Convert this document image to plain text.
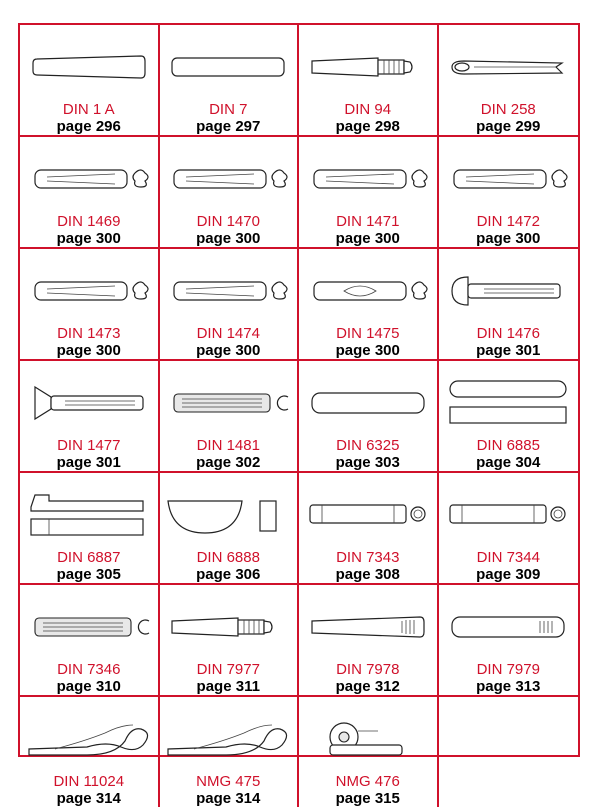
DIN 1 A
page 296
DIN 7
page 297
DIN 94
page 298
DIN 258
page 299
DIN 1469
page 300
DIN 1470
page 300
DIN 1471
page 300
DIN 1472
page 300
DIN 1473
page 300
DIN 1474
page 300
DIN 1475
page 300
DIN 1476
page 301
DIN 1477
page 301
DIN 1481
page 302
DIN 6325
page 303
DIN 6885
page 304
DIN 6887
page 305
DIN 6888
page 306
DIN 7343
page 308
DIN 7344
page 309
DIN 7346
page 310
DIN 7977
page 311
DIN 7978
page 312
DIN 7979
page 313
DIN 11024
page 314
NMG 475
page 314
NMG 476
page 315
